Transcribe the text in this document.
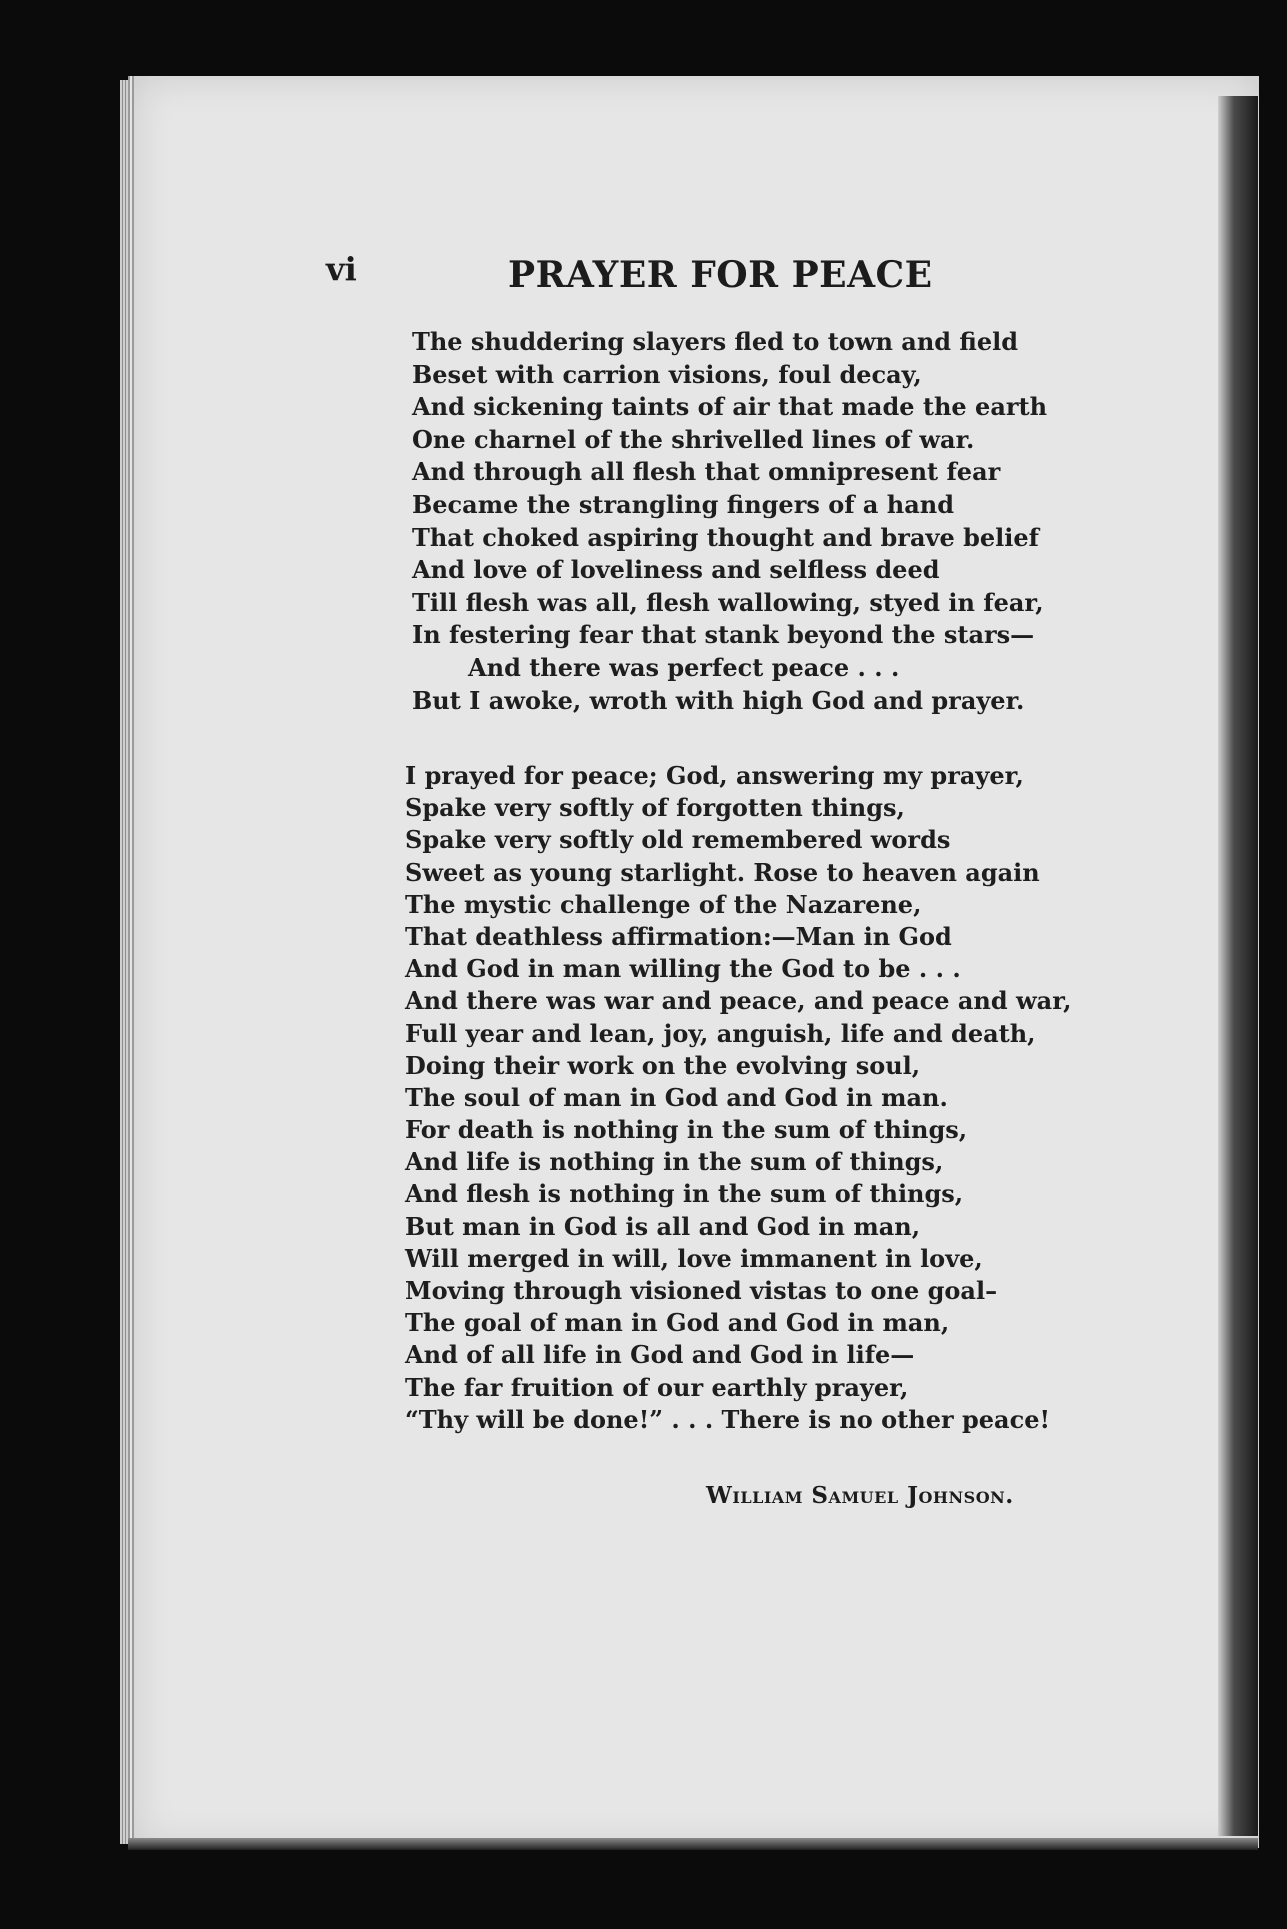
vi	PRAYER FOR PEACE
The shuddering slayers fled to town and field
Beset with carrion visions, foul decay,
And sickening taints of air that made the earth
One charnel of the shrivelled lines of war.
And through all flesh that omnipresent fear
Became the strangling fingers of a hand
That choked aspiring thought and brave belief
And love of loveliness and selfless deed
Till flesh was all, flesh wallowing, styed in fear,
In festering fear that stank beyond the stars—
And there was perfect peace . . .
But I awoke, wroth with high God and prayer.
I prayed for peace; God, answering my prayer,
Spake very softly of forgotten things,
Spake very softly old remembered words
Sweet as young starlight. Rose to heaven again
The mystic challenge of the Nazarene,
That deathless affirmation:—Man in God
And God in man willing the God to be . . .
And there was war and peace, and peace and war,
Full year and lean, joy, anguish, life and death,
Doing their work on the evolving soul,
The soul of man in God and God in man.
For death is nothing in the sum of things,
And life is nothing in the sum of things,
And flesh is nothing in the sum of things,
But man in God is all and God in man,
Will merged in will, love immanent in love,
Moving through visioned vistas to one goal–
The goal of man in God and God in man,
And of all life in God and God in life—
The far fruition of our earthly prayer,
“Thy will be done!” . . . There is no other peace!

William Samuel Johnson.
